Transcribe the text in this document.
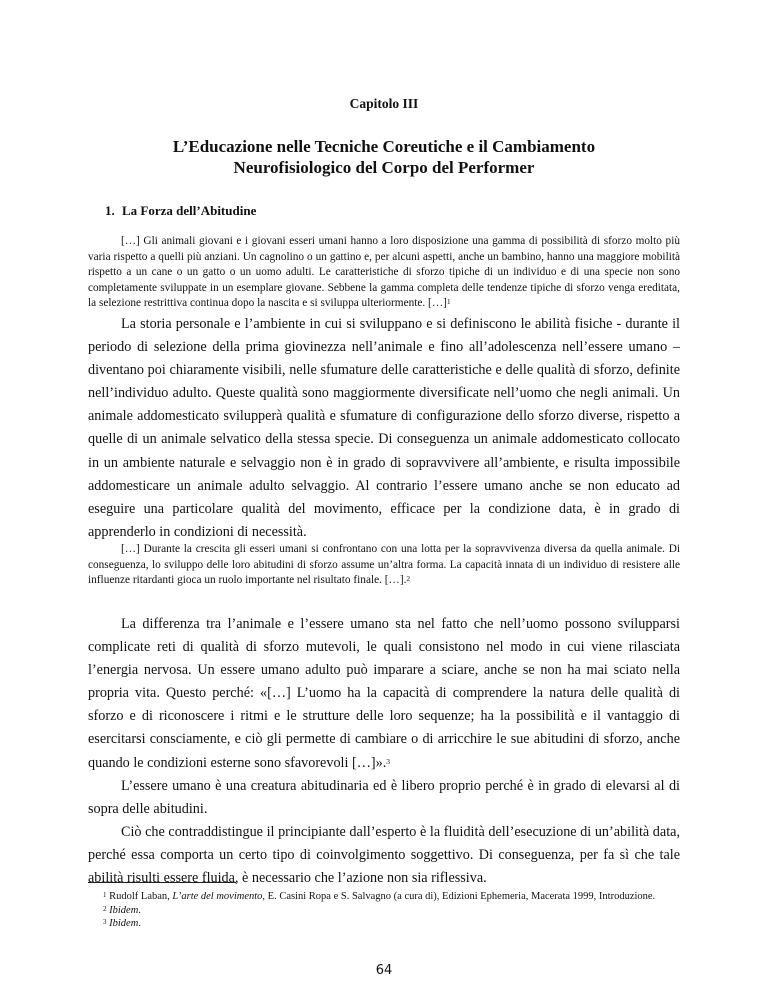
Capitolo III
L’Educazione nelle Tecniche Coreutiche e il Cambiamento
Neurofisiologico del Corpo del Performer
1. La Forza dell’Abitudine
[…] Gli animali giovani e i giovani esseri umani hanno a loro disposizione una gamma di possibilità di sforzo molto più varia rispetto a quelli più anziani. Un cagnolino o un gattino e, per alcuni aspetti, anche un bambino, hanno una maggiore mobilità rispetto a un cane o un gatto o un uomo adulti. Le caratteristiche di sforzo tipiche di un individuo e di una specie non sono completamente sviluppate in un esemplare giovane. Sebbene la gamma completa delle tendenze tipiche di sforzo venga ereditata, la selezione restrittiva continua dopo la nascita e si sviluppa ulteriormente. […]$^1$

La storia personale e l’ambiente in cui si sviluppano e si definiscono le abilità fisiche - durante il periodo di selezione della prima giovinezza nell’animale e fino all’adolescenza nell’essere umano – diventano poi chiaramente visibili, nelle sfumature delle caratteristiche e delle qualità di sforzo, definite nell’individuo adulto. Queste qualità sono maggiormente diversificate nell’uomo che negli animali. Un animale addomesticato svilupperà qualità e sfumature di configurazione dello sforzo diverse, rispetto a quelle di un animale selvatico della stessa specie. Di conseguenza un animale addomesticato collocato in un ambiente naturale e selvaggio non è in grado di sopravvivere all’ambiente, e risulta impossibile addomesticare un animale adulto selvaggio. Al contrario l’essere umano anche se non educato ad eseguire una particolare qualità del movimento, efficace per la condizione data, è in grado di apprenderlo in condizioni di necessità.

[…] Durante la crescita gli esseri umani si confrontano con una lotta per la sopravvivenza diversa da quella animale. Di conseguenza, lo sviluppo delle loro abitudini di sforzo assume un’altra forma. La capacità innata di un individuo di resistere alle influenze ritardanti gioca un ruolo importante nel risultato finale. […].$^2$

La differenza tra l’animale e l’essere umano sta nel fatto che nell’uomo possono svilupparsi complicate reti di qualità di sforzo mutevoli, le quali consistono nel modo in cui viene rilasciata l’energia nervosa. Un essere umano adulto può imparare a sciare, anche se non ha mai sciato nella propria vita. Questo perché: «[…] L’uomo ha la capacità di comprendere la natura delle qualità di sforzo e di riconoscere i ritmi e le strutture delle loro sequenze; ha la possibilità e il vantaggio di esercitarsi consciamente, e ciò gli permette di cambiare o di arricchire le sue abitudini di sforzo, anche quando le condizioni esterne sono sfavorevoli […]».$^3$

L’essere umano è una creatura abitudinaria ed è libero proprio perché è in grado di elevarsi al di sopra delle abitudini.

Ciò che contraddistingue il principiante dall’esperto è la fluidità dell’esecuzione di un’abilità data, perché essa comporta un certo tipo di coinvolgimento soggettivo. Di conseguenza, per fa sì che tale abilità risulti essere fluida, è necessario che l’azione non sia riflessiva.

$^1$ Rudolf Laban, L’arte del movimento, E. Casini Ropa e S. Salvagno (a cura di), Edizioni Ephemeria, Macerata 1999, Introduzione.

$^2$ Ibidem.

$^3$ Ibidem.

64
